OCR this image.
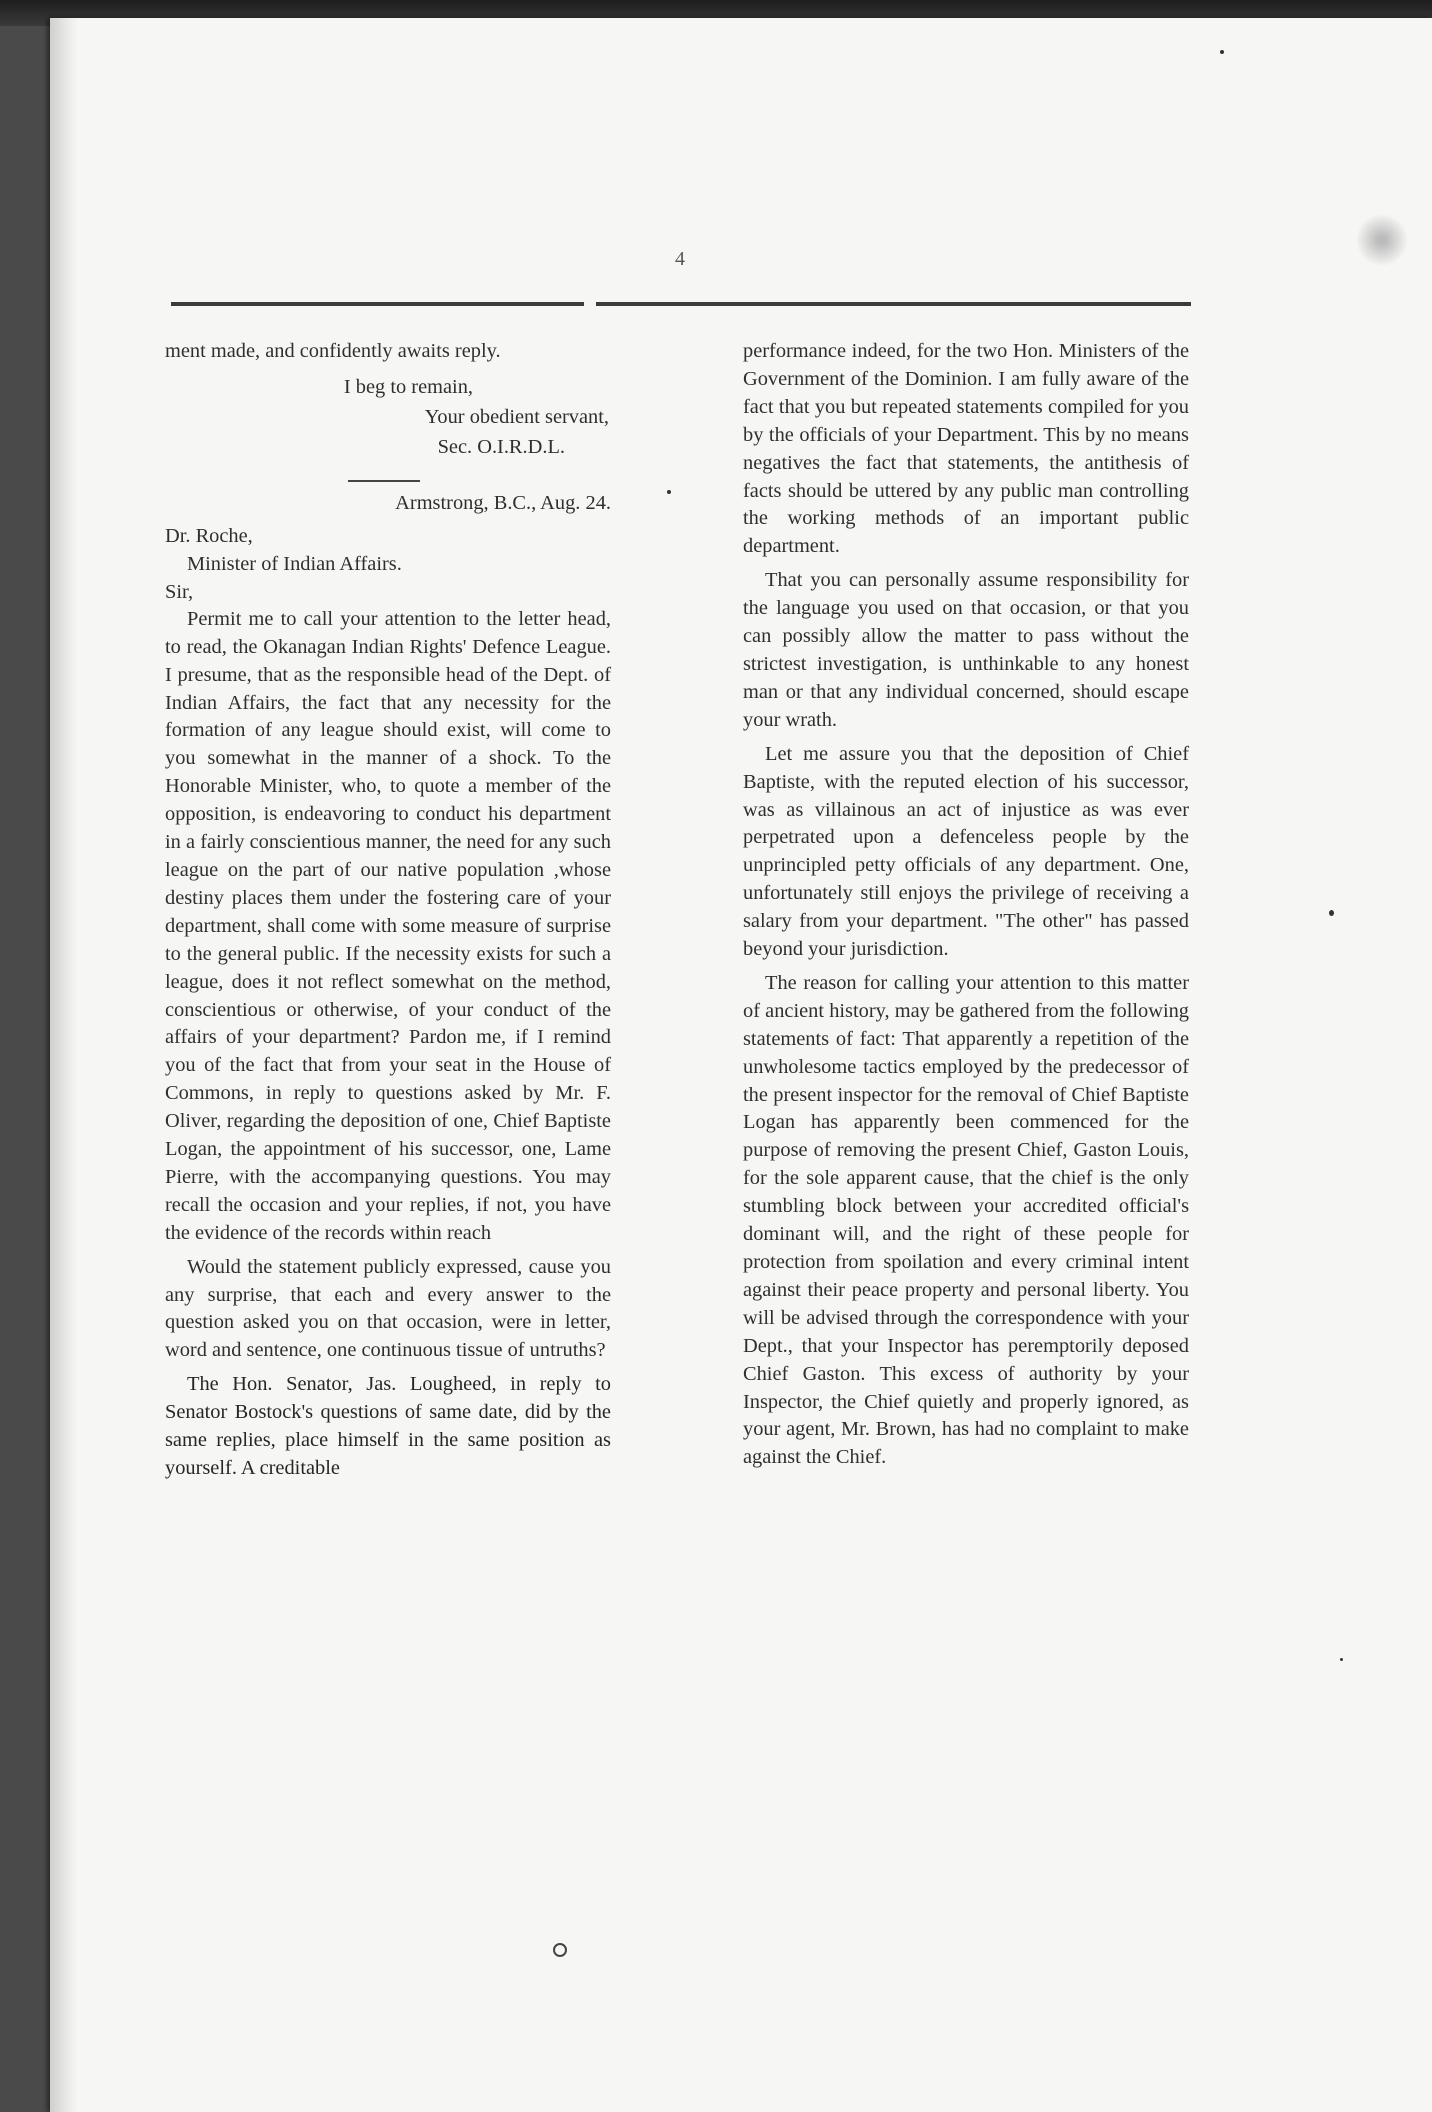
4

ment made, and confidently awaits reply.

I beg to remain,
Your obedient servant,
Sec. O.I.R.D.L.
Armstrong, B.C., Aug. 24.
Dr. Roche,
Minister of Indian Affairs.
Sir,

Permit me to call your attention to the letter head, to read, the Okanagan Indian Rights' Defence League. I presume, that as the responsible head of the Dept. of Indian Affairs, the fact that any necessity for the formation of any league should exist, will come to you somewhat in the manner of a shock. To the Honorable Minister, who, to quote a member of the opposition, is endeavoring to conduct his department in a fairly conscientious manner, the need for any such league on the part of our native population ,whose destiny places them under the fostering care of your department, shall come with some measure of surprise to the general public. If the necessity exists for such a league, does it not reflect somewhat on the method, conscientious or otherwise, of your conduct of the affairs of your department? Pardon me, if I remind you of the fact that from your seat in the House of Commons, in reply to questions asked by Mr. F. Oliver, regarding the deposition of one, Chief Baptiste Logan, the appointment of his successor, one, Lame Pierre, with the accompanying questions. You may recall the occasion and your replies, if not, you have the evidence of the records within reach

Would the statement publicly expressed, cause you any surprise, that each and every answer to the question asked you on that occasion, were in letter, word and sentence, one continuous tissue of untruths?

The Hon. Senator, Jas. Lougheed, in reply to Senator Bostock's questions of same date, did by the same replies, place himself in the same position as yourself. A creditable

performance indeed, for the two Hon. Ministers of the Government of the Dominion. I am fully aware of the fact that you but repeated statements compiled for you by the officials of your Department. This by no means negatives the fact that statements, the antithesis of facts should be uttered by any public man controlling the working methods of an important public department.

That you can personally assume responsibility for the language you used on that occasion, or that you can possibly allow the matter to pass without the strictest investigation, is unthinkable to any honest man or that any individual concerned, should escape your wrath.

Let me assure you that the deposition of Chief Baptiste, with the reputed election of his successor, was as villainous an act of injustice as was ever perpetrated upon a defenceless people by the unprincipled petty officials of any department. One, unfortunately still enjoys the privilege of receiving a salary from your department. "The other" has passed beyond your jurisdiction.

The reason for calling your attention to this matter of ancient history, may be gathered from the following statements of fact: That apparently a repetition of the unwholesome tactics employed by the predecessor of the present inspector for the removal of Chief Baptiste Logan has apparently been commenced for the purpose of removing the present Chief, Gaston Louis, for the sole apparent cause, that the chief is the only stumbling block between your accredited official's dominant will, and the right of these people for protection from spoilation and every criminal intent against their peace property and personal liberty. You will be advised through the correspondence with your Dept., that your Inspector has peremptorily deposed Chief Gaston. This excess of authority by your Inspector, the Chief quietly and properly ignored, as your agent, Mr. Brown, has had no complaint to make against the Chief.
